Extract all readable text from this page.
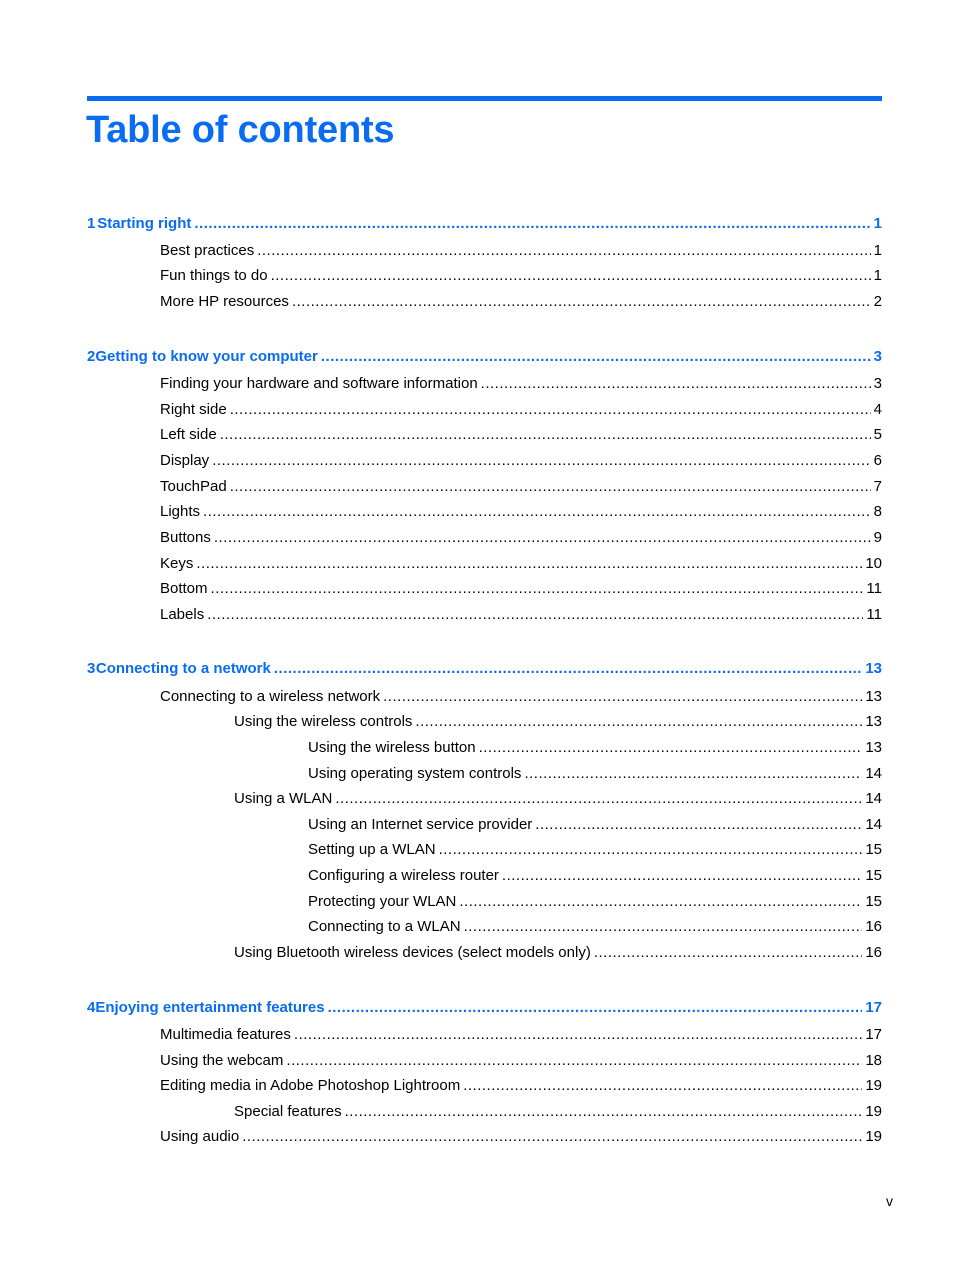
Table of contents
1 Starting right .....	1
Best practices .....	1
Fun things to do .....	1
More HP resources .....	2
2 Getting to know your computer .....	3
Finding your hardware and software information .....	3
Right side .....	4
Left side .....	5
Display .....	6
TouchPad .....	7
Lights .....	8
Buttons .....	9
Keys .....	10
Bottom .....	11
Labels .....	11
3 Connecting to a network .....	13
Connecting to a wireless network .....	13
Using the wireless controls .....	13
Using the wireless button .....	13
Using operating system controls .....	14
Using a WLAN .....	14
Using an Internet service provider .....	14
Setting up a WLAN .....	15
Configuring a wireless router .....	15
Protecting your WLAN .....	15
Connecting to a WLAN .....	16
Using Bluetooth wireless devices (select models only) .....	16
4 Enjoying entertainment features .....	17
Multimedia features .....	17
Using the webcam .....	18
Editing media in Adobe Photoshop Lightroom .....	19
Special features .....	19
Using audio .....	19
v
